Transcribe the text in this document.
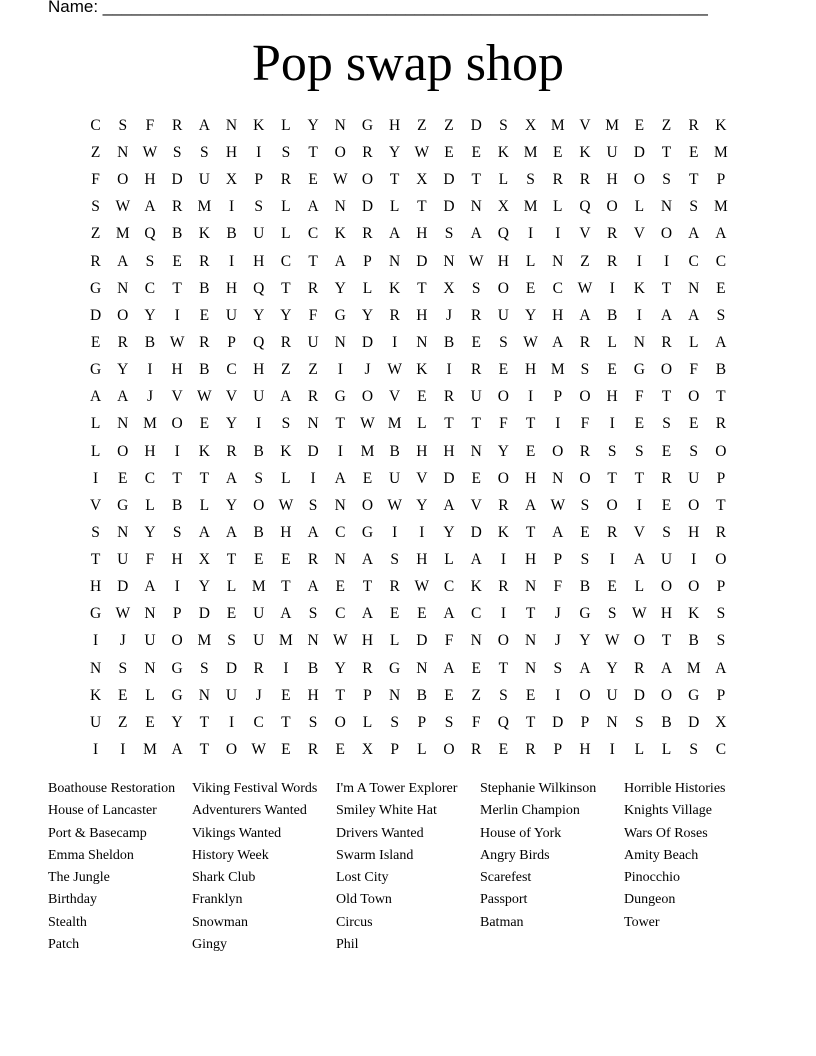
Name: ________________________________________________________________
Pop swap shop
C	S	F	R	A	N	K	L	Y	N	G	H	Z	Z	D	S	X M V M	E	Z	R	K
Z	N W	S	S	H	I	S	T	O	R	Y W E	E	K M	E	K	U	D	T	E	M
F	O	H	D	U	X	P	R	E W O	T	X	D	T	L	S	R	R	H	O	S	T	P
S	W A	R M	I	S	L	A	N	D	L	T	D	N	X M	L	Q	O	L	N	S	M
Z	M Q	B	K	B	U	L	C	K	R	A	H	S	A	Q	I	I	V	R	V	O	A	A
R	A	S	E	R	I	H	C	T	A	P	N	D	N W H	L	N	Z	R	I	I	C	C
G	N	C	T	B	H	Q	T	R	Y	L	K	T	X	S	O	E	C W	I	K	T	N	E
D	O	Y	I	E	U	Y	Y	F	G	Y	R	H	J	R	U	Y	H	A	B	I	A	A	S
E	R	B W R	P	Q	R	U	N	D	I	N	B	E	S	W A	R	L	N	R	L	A
G	Y	I	H	B	C	H	Z	Z	I	J	W K	I	R	E	H M	S	E	G	O	F	B
A	A	J	V W V	U	A	R	G	O	V	E	R	U	O	I	P	O	H	F	T	O	T
L	N M O	E	Y	I	S	N	T W M	L	T	T	F	T	I	F	I	E	S	E	R
L	O	H	I	K	R	B	K	D	I	M B	H	H	N	Y	E	O	R	S	S	E	S	O
I	E	C	T	T	A	S	L	I	A	E	U	V	D	E	O	H	N	O	T	T	R	U	P
V	G	L	B	L	Y	O W	S	N	O W Y	A	V	R	A W	S	O	I	E	O	T
S	N	Y	S	A	A	B	H	A	C	G	I	I	Y	D	K	T	A	E	R	V	S	H	R
T	U	F	H	X	T	E	E	R	N	A	S	H	L	A	I	H	P	S	I	A	U	I	O
H	D	A	I	Y	L	M	T	A	E	T	R W C	K	R	N	F	B	E	L	O	O	P
G W N	P	D	E	U	A	S	C	A	E	E	A	C	I	T	J	G	S	W H	K	S
I	J	U	O M	S	U M N W H	L	D	F	N	O	N	J	Y W O	T	B	S
N	S	N	G	S	D	R	I	B	Y	R	G	N	A	E	T	N	S	A	Y	R	A M A
K	E	L	G	N	U	J	E	H	T	P	N	B	E	Z	S	E	I	O	U	D	O	G	P
U	Z	E	Y	T	I	C	T	S	O	L	S	P	S	F	Q	T	D	P	N	S	B	D	X
I	I	M A	T	O W E	R	E	X	P	L	O	R	E	R	P	H	I	L	L	S	C
Boathouse Restoration
House of Lancaster
Port & Basecamp
Emma Sheldon
The Jungle
Birthday
Stealth
Patch
Viking Festival Words
Adventurers Wanted
Vikings Wanted
History Week
Shark Club
Franklyn
Snowman
Gingy
I'm A Tower Explorer
Smiley White Hat
Drivers Wanted
Swarm Island
Lost City
Old Town
Circus
Phil
Stephanie Wilkinson
Merlin Champion
House of York
Angry Birds
Scarefest
Passport
Batman
Horrible Histories
Knights Village
Wars Of Roses
Amity Beach
Pinocchio
Dungeon
Tower
